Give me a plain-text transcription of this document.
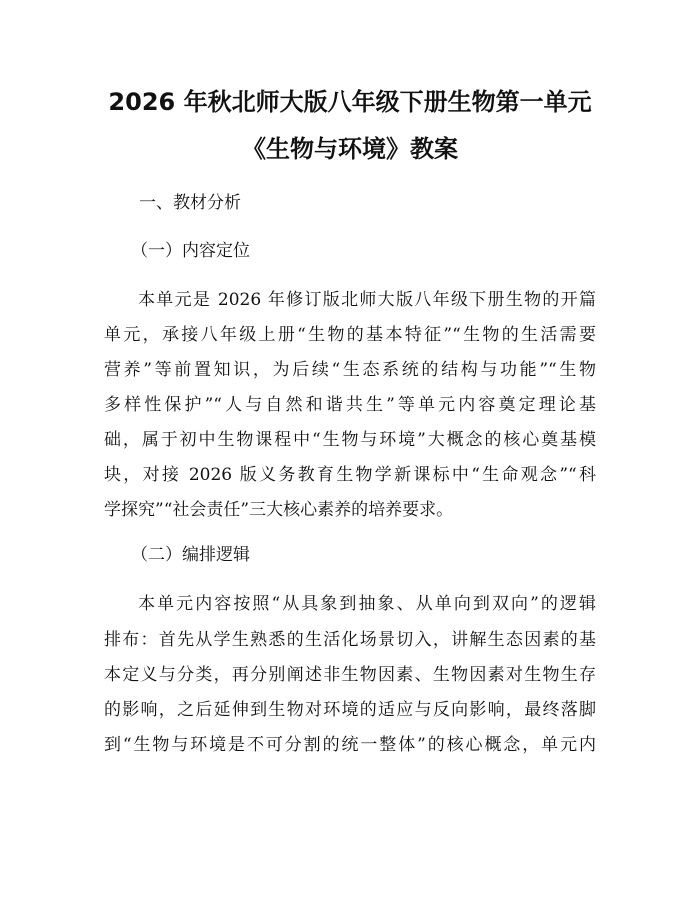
2026 年秋北师大版八年级下册生物第一单元
《生物与环境》教案
一、教材分析
（一）内容定位
本单元是 2026 年修订版北师大版八年级下册生物的开篇
单元，承接八年级上册“生物的基本特征”“生物的生活需要
营养”等前置知识，为后续“生态系统的结构与功能”“生物
多样性保护”“人与自然和谐共生”等单元内容奠定理论基
础，属于初中生物课程中“生物与环境”大概念的核心奠基模
块，对接 2026 版义务教育生物学新课标中“生命观念”“科
学探究”“社会责任”三大核心素养的培养要求。
（二）编排逻辑
本单元内容按照“从具象到抽象、从单向到双向”的逻辑
排布：首先从学生熟悉的生活化场景切入，讲解生态因素的基
本定义与分类，再分别阐述非生物因素、生物因素对生物生存
的影响，之后延伸到生物对环境的适应与反向影响，最终落脚
到“生物与环境是不可分割的统一整体”的核心概念，单元内
